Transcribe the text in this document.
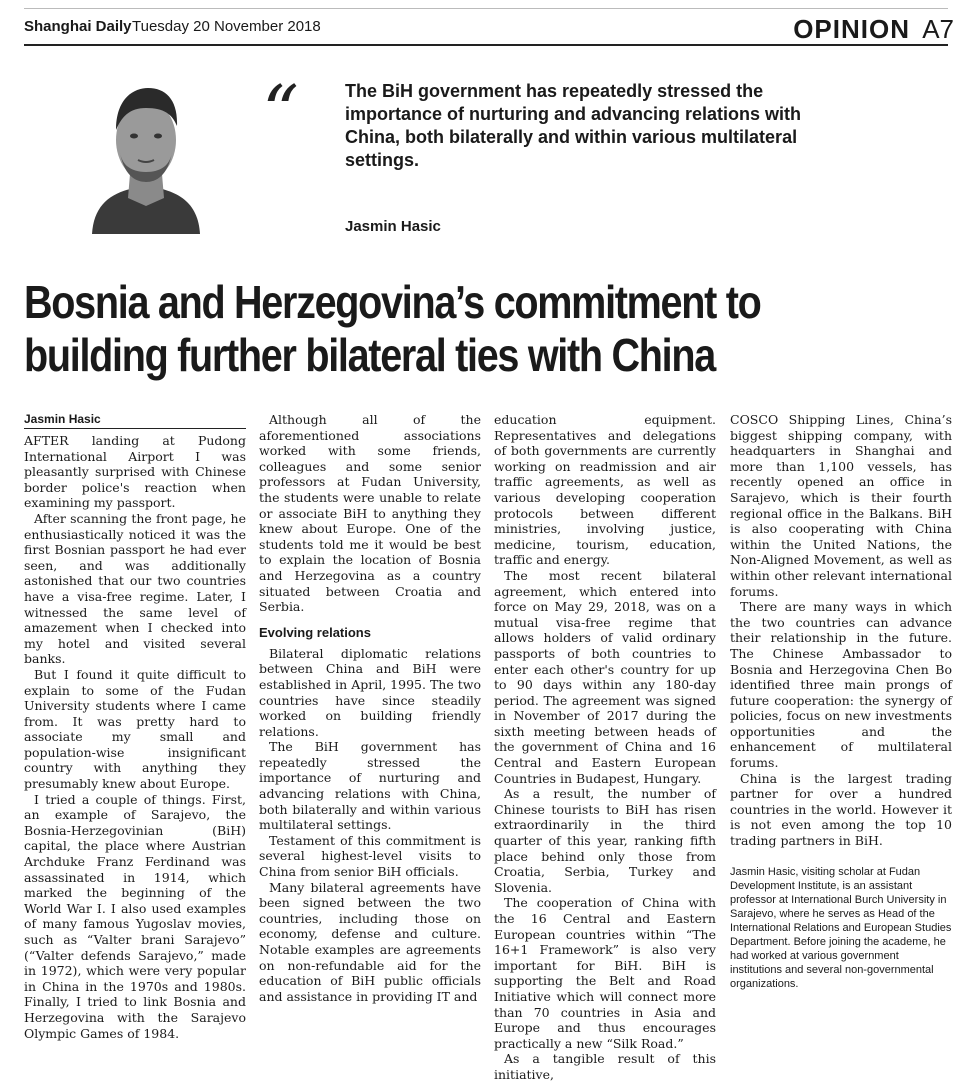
Shanghai Daily Tuesday 20 November 2018	OPINION A7
“	The BiH government has repeatedly stressed the importance of nurturing and advancing relations with China, both bilaterally and within various multilateral settings.
Jasmin Hasic
Bosnia and Herzegovina’s commitment to
building further bilateral ties with China
Jasmin Hasic

AFTER landing at Pudong International Airport I was pleasantly surprised with Chinese border police's reaction when examining my passport.

After scanning the front page, he enthusiastically noticed it was the first Bosnian passport he had ever seen, and was additionally astonished that our two countries have a visa-free regime. Later, I witnessed the same level of amazement when I checked into my hotel and visited several banks.

But I found it quite difficult to explain to some of the Fudan University students where I came from. It was pretty hard to associate my small and population-wise insignificant country with anything they presumably knew about Europe.

I tried a couple of things. First, an example of Sarajevo, the Bosnia-Herzegovinian (BiH) capital, the place where Austrian Archduke Franz Ferdinand was assassinated in 1914, which marked the beginning of the World War I. I also used examples of many famous Yugoslav movies, such as “Valter brani Sarajevo” (“Valter defends Sarajevo,” made in 1972), which were very popular in China in the 1970s and 1980s. Finally, I tried to link Bosnia and Herzegovina with the Sarajevo Olympic Games of 1984.

Although all of the aforementioned associations worked with some friends, colleagues and some senior professors at Fudan University, the students were unable to relate or associate BiH to anything they knew about Europe. One of the students told me it would be best to explain the location of Bosnia and Herzegovina as a country situated between Croatia and Serbia.

Evolving relations

Bilateral diplomatic relations between China and BiH were established in April, 1995. The two countries have since steadily worked on building friendly relations.

The BiH government has repeatedly stressed the importance of nurturing and advancing relations with China, both bilaterally and within various multilateral settings.

Testament of this commitment is several highest-level visits to China from senior BiH officials.

Many bilateral agreements have been signed between the two countries, including those on economy, defense and culture. Notable examples are agreements on non-refundable aid for the education of BiH public officials and assistance in providing IT and

education equipment. Representatives and delegations of both governments are currently working on readmission and air traffic agreements, as well as various developing cooperation protocols between different ministries, involving justice, medicine, tourism, education, traffic and energy.

The most recent bilateral agreement, which entered into force on May 29, 2018, was on a mutual visa-free regime that allows holders of valid ordinary passports of both countries to enter each other's country for up to 90 days within any 180-day period. The agreement was signed in November of 2017 during the sixth meeting between heads of the government of China and 16 Central and Eastern European Countries in Budapest, Hungary.

As a result, the number of Chinese tourists to BiH has risen extraordinarily in the third quarter of this year, ranking fifth place behind only those from Croatia, Serbia, Turkey and Slovenia.

The cooperation of China with the 16 Central and Eastern European countries within “The 16+1 Framework” is also very important for BiH. BiH is supporting the Belt and Road Initiative which will connect more than 70 countries in Asia and Europe and thus encourages practically a new “Silk Road.”

As a tangible result of this initiative,

COSCO Shipping Lines, China’s biggest shipping company, with headquarters in Shanghai and more than 1,100 vessels, has recently opened an office in Sarajevo, which is their fourth regional office in the Balkans. BiH is also cooperating with China within the United Nations, the Non-Aligned Movement, as well as within other relevant international forums.

There are many ways in which the two countries can advance their relationship in the future. The Chinese Ambassador to Bosnia and Herzegovina Chen Bo identified three main prongs of future cooperation: the synergy of policies, focus on new investments opportunities and the enhancement of multilateral forums.

China is the largest trading partner for over a hundred countries in the world. However it is not even among the top 10 trading partners in BiH.

Jasmin Hasic, visiting scholar at Fudan Development Institute, is an assistant professor at International Burch University in Sarajevo, where he serves as Head of the International Relations and European Studies Department. Before joining the academe, he had worked at various government institutions and several non-governmental organizations.
